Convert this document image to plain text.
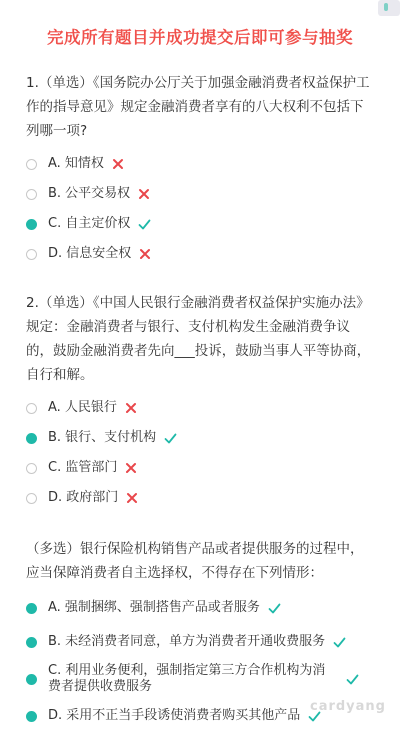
完成所有题目并成功提交后即可参与抽奖

1.（单选）《国务院办公厅关于加强金融消费者权益保护工作的指导意见》规定金融消费者享有的八大权利不包括下列哪一项?

A. 知情权
B. 公平交易权
C. 自主定价权
D. 信息安全权

2.（单选）《中国人民银行金融消费者权益保护实施办法》规定：金融消费者与银行、支付机构发生金融消费争议的，鼓励金融消费者先向___投诉，鼓励当事人平等协商，自行和解。

A. 人民银行
B. 银行、支付机构
C. 监管部门
D. 政府部门

（多选）银行保险机构销售产品或者提供服务的过程中，应当保障消费者自主选择权，不得存在下列情形：

A. 强制捆绑、强制搭售产品或者服务
B. 未经消费者同意，单方为消费者开通收费服务
C. 利用业务便利，强制指定第三方合作机构为消费者提供收费服务
D. 采用不正当手段诱使消费者购买其他产品
cardyang
